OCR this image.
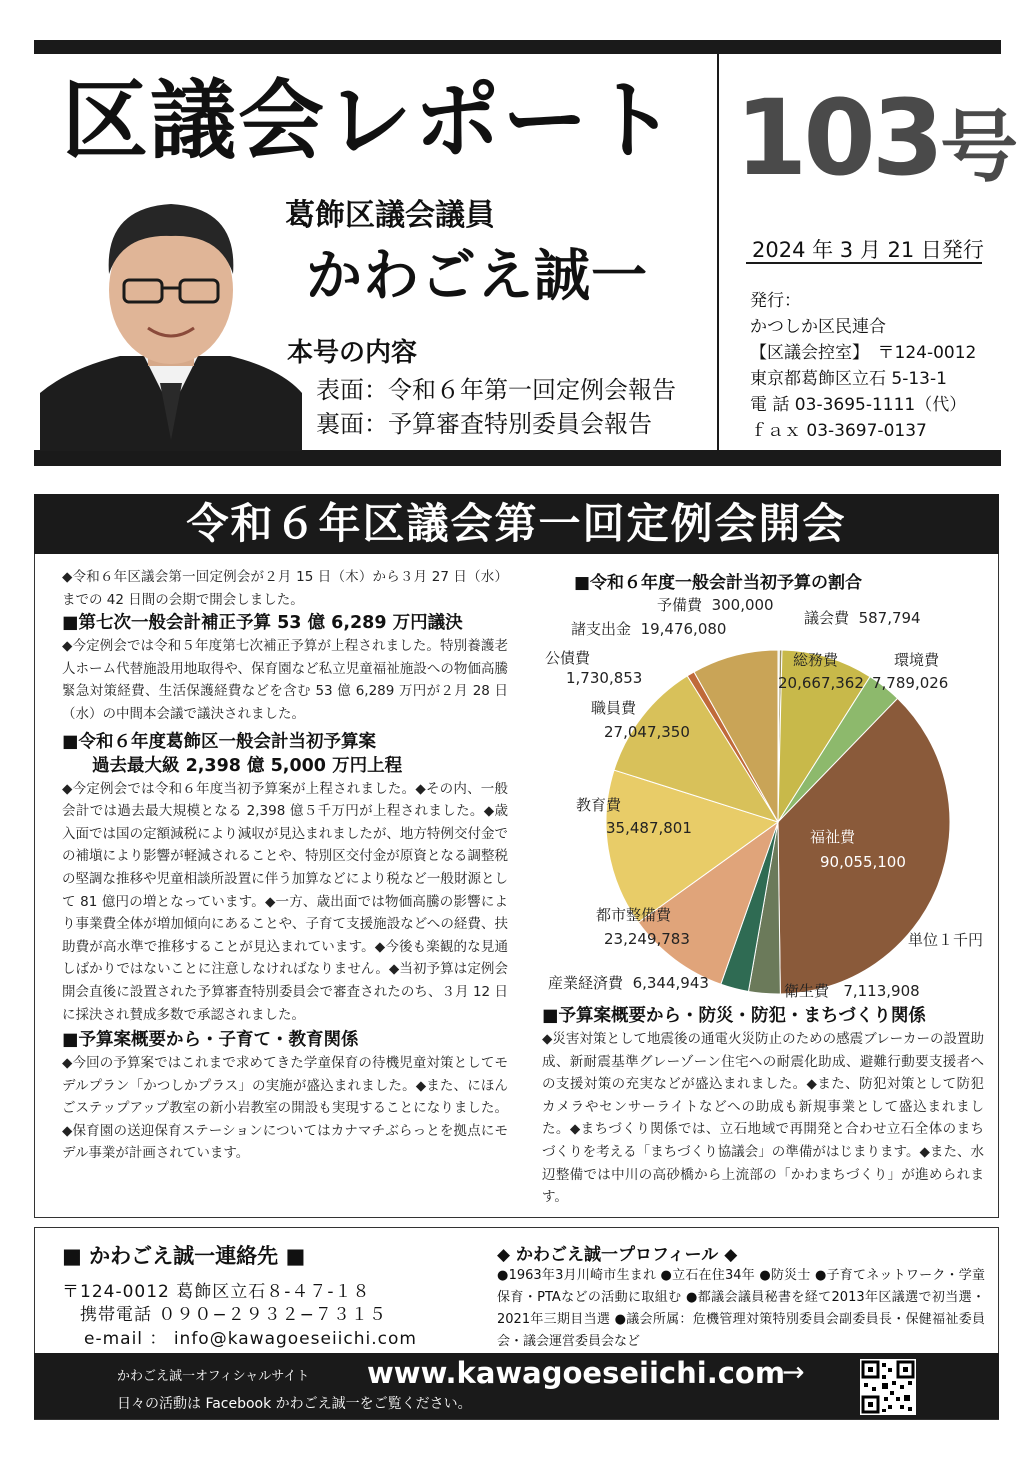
区議会レポート 103号
2024 年 3 月 21 日発行
発行：
かつしか区民連合
【区議会控室】　〒124-0012
東京都葛飾区立石 5-13-1
電 話 03-3695-1111（代）
ｆａｘ 03-3697-0137
葛飾区議会議員
かわごえ誠一
本号の内容
表面：令和６年第一回定例会報告
裏面：予算審査特別委員会報告
令和６年区議会第一回定例会開会

◆令和６年区議会第一回定例会が２月 15 日（木）から３月 27 日（水）までの 42 日間の会期で開会しました。

■第七次一般会計補正予算 53 億 6,289 万円議決

◆今定例会では令和５年度第七次補正予算が上程されました。特別養護老人ホーム代替施設用地取得や、保育園など私立児童福祉施設への物価高騰緊急対策経費、生活保護経費などを含む 53 億 6,289 万円が２月 28 日（水）の中間本会議で議決されました。

■令和６年度葛飾区一般会計当初予算案
過去最大級 2,398 億 5,000 万円上程

◆今定例会では令和６年度当初予算案が上程されました。◆その内、一般会計では過去最大規模となる 2,398 億５千万円が上程されました。◆歳入面では国の定額減税により減収が見込まれましたが、地方特例交付金での補塡により影響が軽減されることや、特別区交付金が原資となる調整税の堅調な推移や児童相談所設置に伴う加算などにより税など一般財源として 81 億円の増となっています。◆一方、歳出面では物価高騰の影響により事業費全体が増加傾向にあることや、子育て支援施設などへの経費、扶助費が高水準で推移することが見込まれています。◆今後も楽観的な見通しばかりではないことに注意しなければなりません。◆当初予算は定例会開会直後に設置された予算審査特別委員会で審査されたのち、３月 12 日に採決され賛成多数で承認されました。

■予算案概要から・子育て・教育関係

◆今回の予算案ではこれまで求めてきた学童保育の待機児童対策としてモデルプラン「かつしかプラス」の実施が盛込まれました。◆また、にほんごステップアップ教室の新小岩教室の開設も実現することになりました。◆保育園の送迎保育ステーションについてはカナマチぶらっとを拠点にモデル事業が計画されています。

■令和６年度一般会計当初予算の割合
予備費 300,000
議会費 587,794
総務費
20,667,362
環境費
7,789,026
福祉費
90,055,100
単位１千円
衛生費 7,113,908
産業経済費 6,344,943
都市整備費
23,249,783
教育費
35,487,801
職員費
27,047,350
公債費
1,730,853
諸支出金 19,476,080
■予算案概要から・防災・防犯・まちづくり関係

◆災害対策として地震後の通電火災防止のための感震ブレーカーの設置助成、新耐震基準グレーゾーン住宅への耐震化助成、避難行動要支援者への支援対策の充実などが盛込まれました。◆また、防犯対策として防犯カメラやセンサーライトなどへの助成も新規事業として盛込まれました。◆まちづくり関係では、立石地域で再開発と合わせ立石全体のまちづくりを考える「まちづくり協議会」の準備がはじまります。◆また、水辺整備では中川の高砂橋から上流部の「かわまちづくり」が進められます。

■ かわごえ誠一連絡先 ■
〒124-0012 葛飾区立石８-４７-１８
携帯電話 ０９０−２９３２−７３１５
e-mail ： info@kawagoeseiichi.com
◆ かわごえ誠一プロフィール ◆
●1963年3月川崎市生まれ ●立石在住34年 ●防災士 ●子育てネットワーク・学童保育・PTAなどの活動に取組む ●都議会議員秘書を経て2013年区議選で初当選・2021年三期目当選 ●議会所属：危機管理対策特別委員会副委員長・保健福祉委員会・議会運営委員会など
かわごえ誠一オフィシャルサイト www.kawagoeseiichi.com
→
日々の活動は Facebook かわごえ誠一をご覧ください。
